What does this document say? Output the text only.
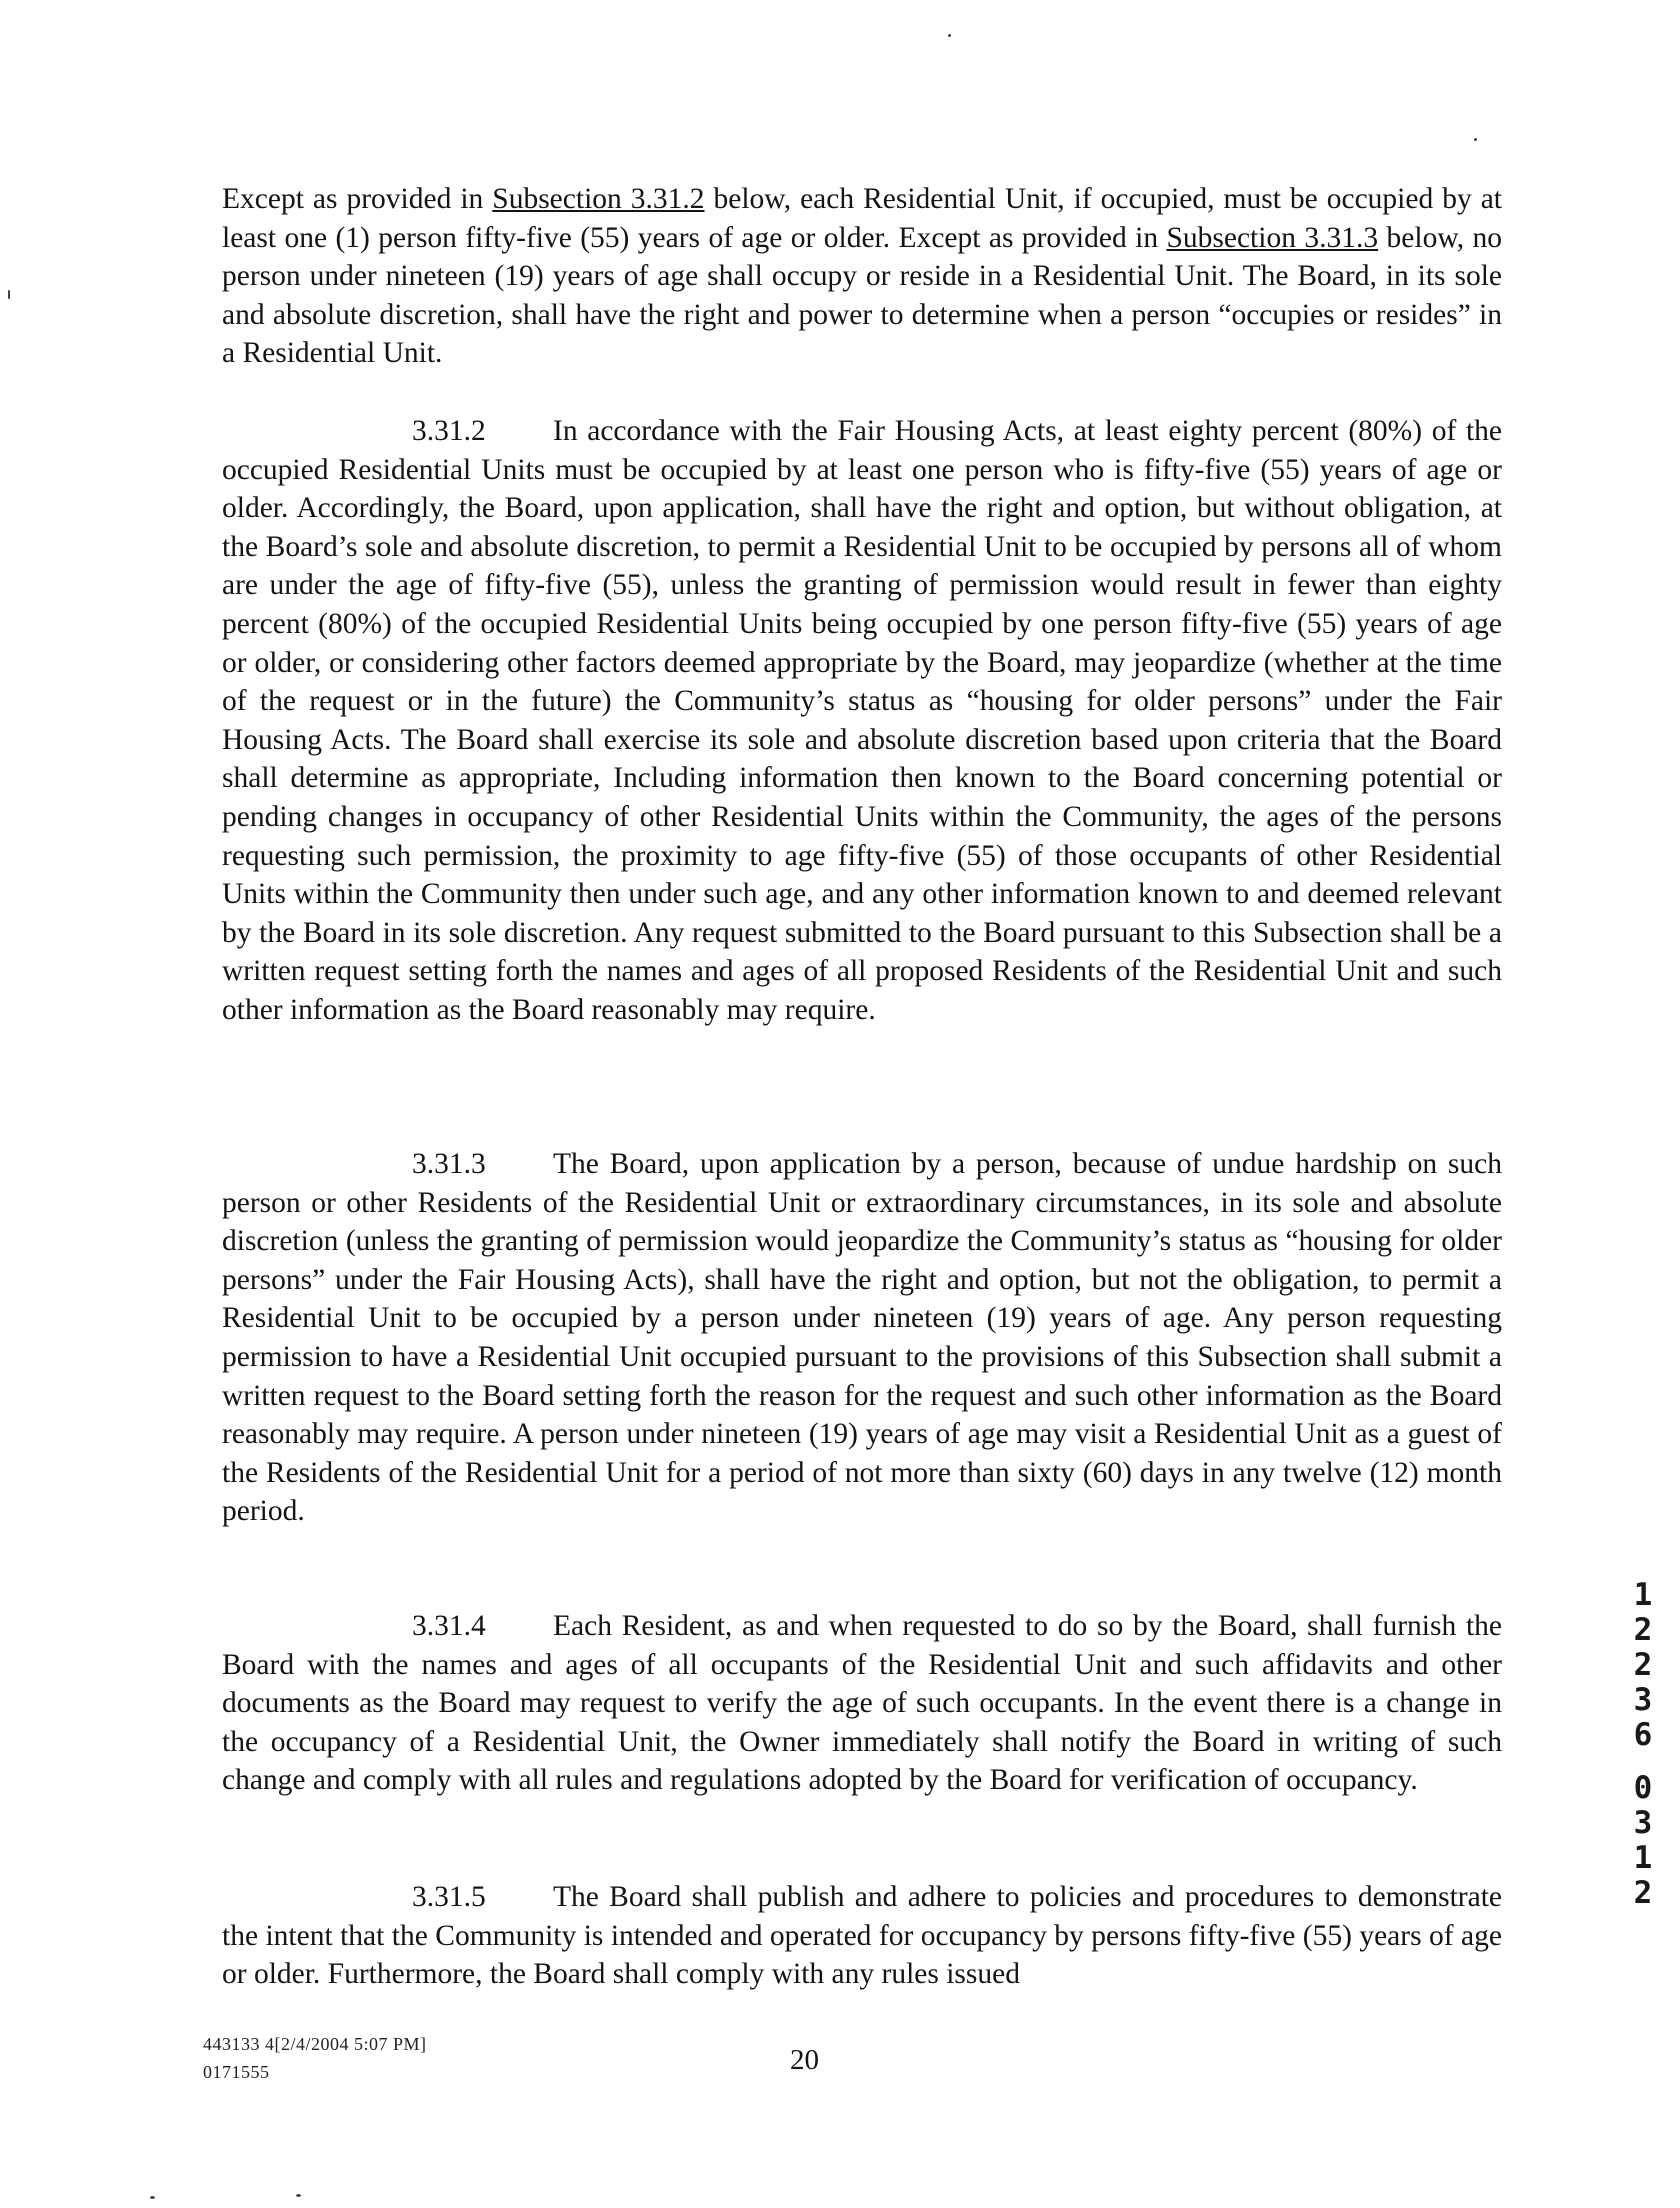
Except as provided in Subsection 3.31.2 below, each Residential Unit, if occupied, must be occupied by at least one (1) person fifty-five (55) years of age or older. Except as provided in Subsection 3.31.3 below, no person under nineteen (19) years of age shall occupy or reside in a Residential Unit. The Board, in its sole and absolute discretion, shall have the right and power to determine when a person “occupies or resides” in a Residential Unit.

3.31.2 In accordance with the Fair Housing Acts, at least eighty percent (80%) of the occupied Residential Units must be occupied by at least one person who is fifty-five (55) years of age or older. Accordingly, the Board, upon application, shall have the right and option, but without obligation, at the Board’s sole and absolute discretion, to permit a Residential Unit to be occupied by persons all of whom are under the age of fifty-five (55), unless the granting of permission would result in fewer than eighty percent (80%) of the occupied Residential Units being occupied by one person fifty-five (55) years of age or older, or considering other factors deemed appropriate by the Board, may jeopardize (whether at the time of the request or in the future) the Community’s status as “housing for older persons” under the Fair Housing Acts. The Board shall exercise its sole and absolute discretion based upon criteria that the Board shall determine as appropriate, Including information then known to the Board concerning potential or pending changes in occupancy of other Residential Units within the Community, the ages of the persons requesting such permission, the proximity to age fifty-five (55) of those occupants of other Residential Units within the Community then under such age, and any other information known to and deemed relevant by the Board in its sole discretion. Any request submitted to the Board pursuant to this Subsection shall be a written request setting forth the names and ages of all proposed Residents of the Residential Unit and such other information as the Board reasonably may require.

3.31.3 The Board, upon application by a person, because of undue hardship on such person or other Residents of the Residential Unit or extraordinary circumstances, in its sole and absolute discretion (unless the granting of permission would jeopardize the Community’s status as “housing for older persons” under the Fair Housing Acts), shall have the right and option, but not the obligation, to permit a Residential Unit to be occupied by a person under nineteen (19) years of age. Any person requesting permission to have a Residential Unit occupied pursuant to the provisions of this Subsection shall submit a written request to the Board setting forth the reason for the request and such other information as the Board reasonably may require. A person under nineteen (19) years of age may visit a Residential Unit as a guest of the Residents of the Residential Unit for a period of not more than sixty (60) days in any twelve (12) month period.

3.31.4 Each Resident, as and when requested to do so by the Board, shall furnish the Board with the names and ages of all occupants of the Residential Unit and such affidavits and other documents as the Board may request to verify the age of such occupants. In the event there is a change in the occupancy of a Residential Unit, the Owner immediately shall notify the Board in writing of such change and comply with all rules and regulations adopted by the Board for verification of occupancy.

3.31.5 The Board shall publish and adhere to policies and procedures to demonstrate the intent that the Community is intended and operated for occupancy by persons fifty-five (55) years of age or older. Furthermore, the Board shall comply with any rules issued

443133 4[2/4/2004 5:07 PM]
0171555	20
1
2
2
3
6
0
3
1
2
